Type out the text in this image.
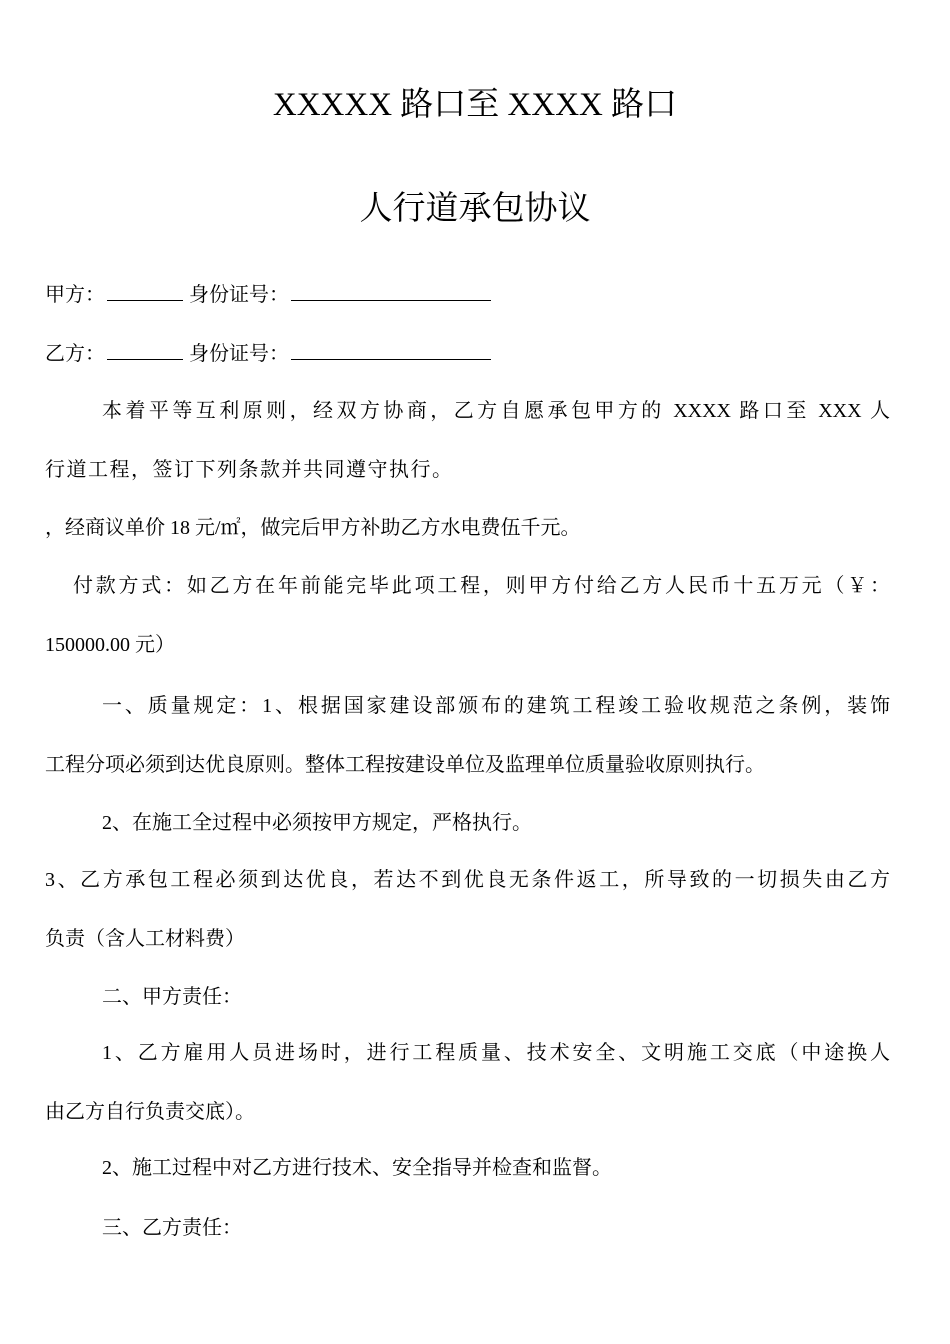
XXXXX 路口至 XXXX 路口
人行道承包协议
甲方：	身份证号：
乙方：	身份证号：
本着平等互利原则，经双方协商，乙方自愿承包甲方的 XXXX 路口至 XXX 人
行道工程，签订下列条款并共同遵守执行。
，经商议单价 18 元/㎡，做完后甲方补助乙方水电费伍千元。
付款方式：如乙方在年前能完毕此项工程，则甲方付给乙方人民币十五万元（￥：
150000.00 元）
一、质量规定：1、根据国家建设部颁布的建筑工程竣工验收规范之条例，装饰
工程分项必须到达优良原则。整体工程按建设单位及监理单位质量验收原则执行。
2、在施工全过程中必须按甲方规定，严格执行。
3、乙方承包工程必须到达优良，若达不到优良无条件返工，所导致的一切损失由乙方
负责（含人工材料费）
二、甲方责任：
1、乙方雇用人员进场时，进行工程质量、技术安全、文明施工交底（中途换人
由乙方自行负责交底）。
2、施工过程中对乙方进行技术、安全指导并检查和监督。
三、乙方责任：
